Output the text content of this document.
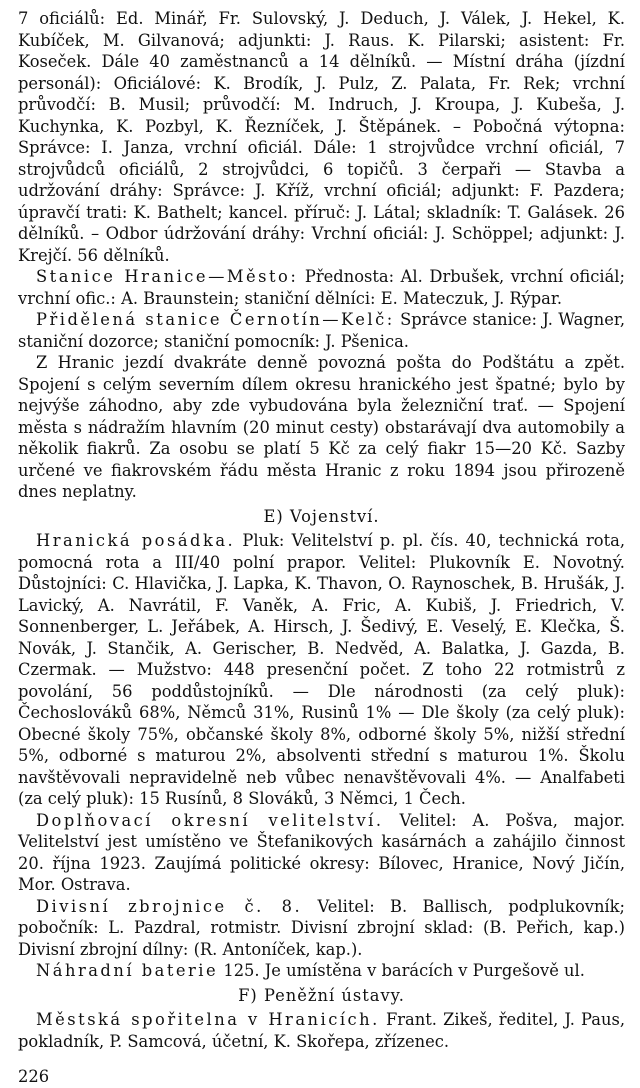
7 oficiálů: Ed. Minář, Fr. Sulovský, J. Deduch, J. Válek, J. Hekel, K. Kubíček, M. Gilvanová; adjunkti: J. Raus. K. Pilarski; asistent: Fr. Koseček. Dále 40 zaměstnanců a 14 dělníků. — Místní dráha (jízdní personál): Oficiálové: K. Brodík, J. Pulz, Z. Palata, Fr. Rek; vrchní průvodčí: B. Musil; průvodčí: M. Indruch, J. Kroupa, J. Kubeša, J. Kuchynka, K. Pozbyl, K. Řezníček, J. Štěpánek. – Pobočná výtopna: Správce: I. Janza, vrchní oficiál. Dále: 1 strojvůdce vrchní oficiál, 7 strojvůdců oficiálů, 2 strojvůdci, 6 topičů. 3 čerpaři — Stavba a udržování dráhy: Správce: J. Kříž, vrchní oficiál; adjunkt: F. Pazdera; úpravčí trati: K. Bathelt; kancel. příruč: J. Látal; skladník: T. Galásek. 26 dělníků. – Odbor údržování dráhy: Vrchní oficiál: J. Schöppel; adjunkt: J. Krejčí. 56 dělníků.

Stanice Hranice—Město: Přednosta: Al. Drbušek, vrchní oficiál; vrchní ofic.: A. Braunstein; staniční dělníci: E. Mateczuk, J. Rýpar.

Přidělená stanice Černotín—Kelč: Správce stanice: J. Wagner, staniční dozorce; staniční pomocník: J. Pšenica.

Z Hranic jezdí dvakráte denně povozná pošta do Podštátu a zpět. Spojení s celým severním dílem okresu hranického jest špatné; bylo by nejvýše záhodno, aby zde vybudována byla železniční trať. — Spojení města s nádražím hlavním (20 minut cesty) obstarávají dva automobily a několik fiakrů. Za osobu se platí 5 Kč za celý fiakr 15—20 Kč. Sazby určené ve fiakrovském řádu města Hranic z roku 1894 jsou přirozeně dnes neplatny.

E) Vojenství.

Hranická posádka. Pluk: Velitelství p. pl. čís. 40, technická rota, pomocná rota a III/40 polní prapor. Velitel: Plukovník E. Novotný. Důstojníci: C. Hlavička, J. Lapka, K. Thavon, O. Raynoschek, B. Hrušák, J. Lavický, A. Navrátil, F. Vaněk, A. Fric, A. Kubiš, J. Friedrich, V. Sonnenberger, L. Jeřábek, A. Hirsch, J. Šedivý, E. Veselý, E. Klečka, Š. Novák, J. Stančik, A. Gerischer, B. Nedvěd, A. Balatka, J. Gazda, B. Czermak. — Mužstvo: 448 presenční počet. Z toho 22 rotmistrů z povolání, 56 poddůstojníků. — Dle národnosti (za celý pluk): Čechoslováků 68%, Němců 31%, Rusinů 1% — Dle školy (za celý pluk): Obecné školy 75%, občanské školy 8%, odborné školy 5%, nižší střední 5%, odborné s maturou 2%, absolventi střední s maturou 1%. Školu navštěvovali nepravidelně neb vůbec nenavštěvovali 4%. — Analfabeti (za celý pluk): 15 Rusínů, 8 Slováků, 3 Němci, 1 Čech.

Doplňovací okresní velitelství. Velitel: A. Pošva, major. Velitelství jest umístěno ve Štefanikových kasárnách a zahájilo činnost 20. října 1923. Zaujímá politické okresy: Bílovec, Hranice, Nový Jičín, Mor. Ostrava.

Divisní zbrojnice č. 8. Velitel: B. Ballisch, podplukovník; pobočník: L. Pazdral, rotmistr. Divisní zbrojní sklad: (B. Peřich, kap.) Divisní zbrojní dílny: (R. Antoníček, kap.).

Náhradní baterie 125. Je umístěna v barácích v Purgešově ul.

F) Peněžní ústavy.

Městská spořitelna v Hranicích. Frant. Zikeš, ředitel, J. Paus, pokladník, P. Samcová, účetní, K. Skořepa, zřízenec.

226
